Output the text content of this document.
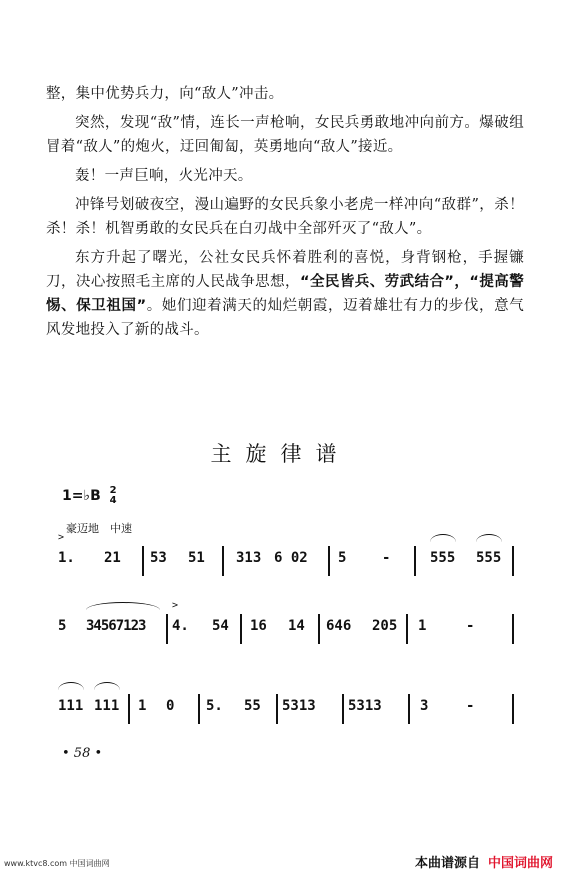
整，集中优势兵力，向“敌人”冲击。

突然，发现“敌”情，连长一声枪响，女民兵勇敢地冲向前方。爆破组冒着“敌人”的炮火，迂回匍匐，英勇地向“敌人”接近。

轰！一声巨响，火光冲天。

冲锋号划破夜空，漫山遍野的女民兵象小老虎一样冲向“敌群”，杀！杀！杀！机智勇敢的女民兵在白刃战中全部歼灭了“敌人”。

东方升起了曙光，公社女民兵怀着胜利的喜悦，身背钢枪，手握镰刀，决心按照毛主席的人民战争思想，“全民皆兵、劳武结合”，“提高警惕、保卫祖国”。她们迎着满天的灿烂朝霞，迈着雄壮有力的步伐，意气风发地投入了新的战斗。

主旋律谱
1=♭B 2
4
豪迈地　中速
>
1. 21 53 51 313 6 02 5	-	555 555
5 34567123
>
4. 54 16 14 646 205 1	-
111 111 1 0 5. 55 5313 5313	3	-
• 58 •
www.ktvc8.com 中国词曲网	本曲谱源自 中国词曲网
